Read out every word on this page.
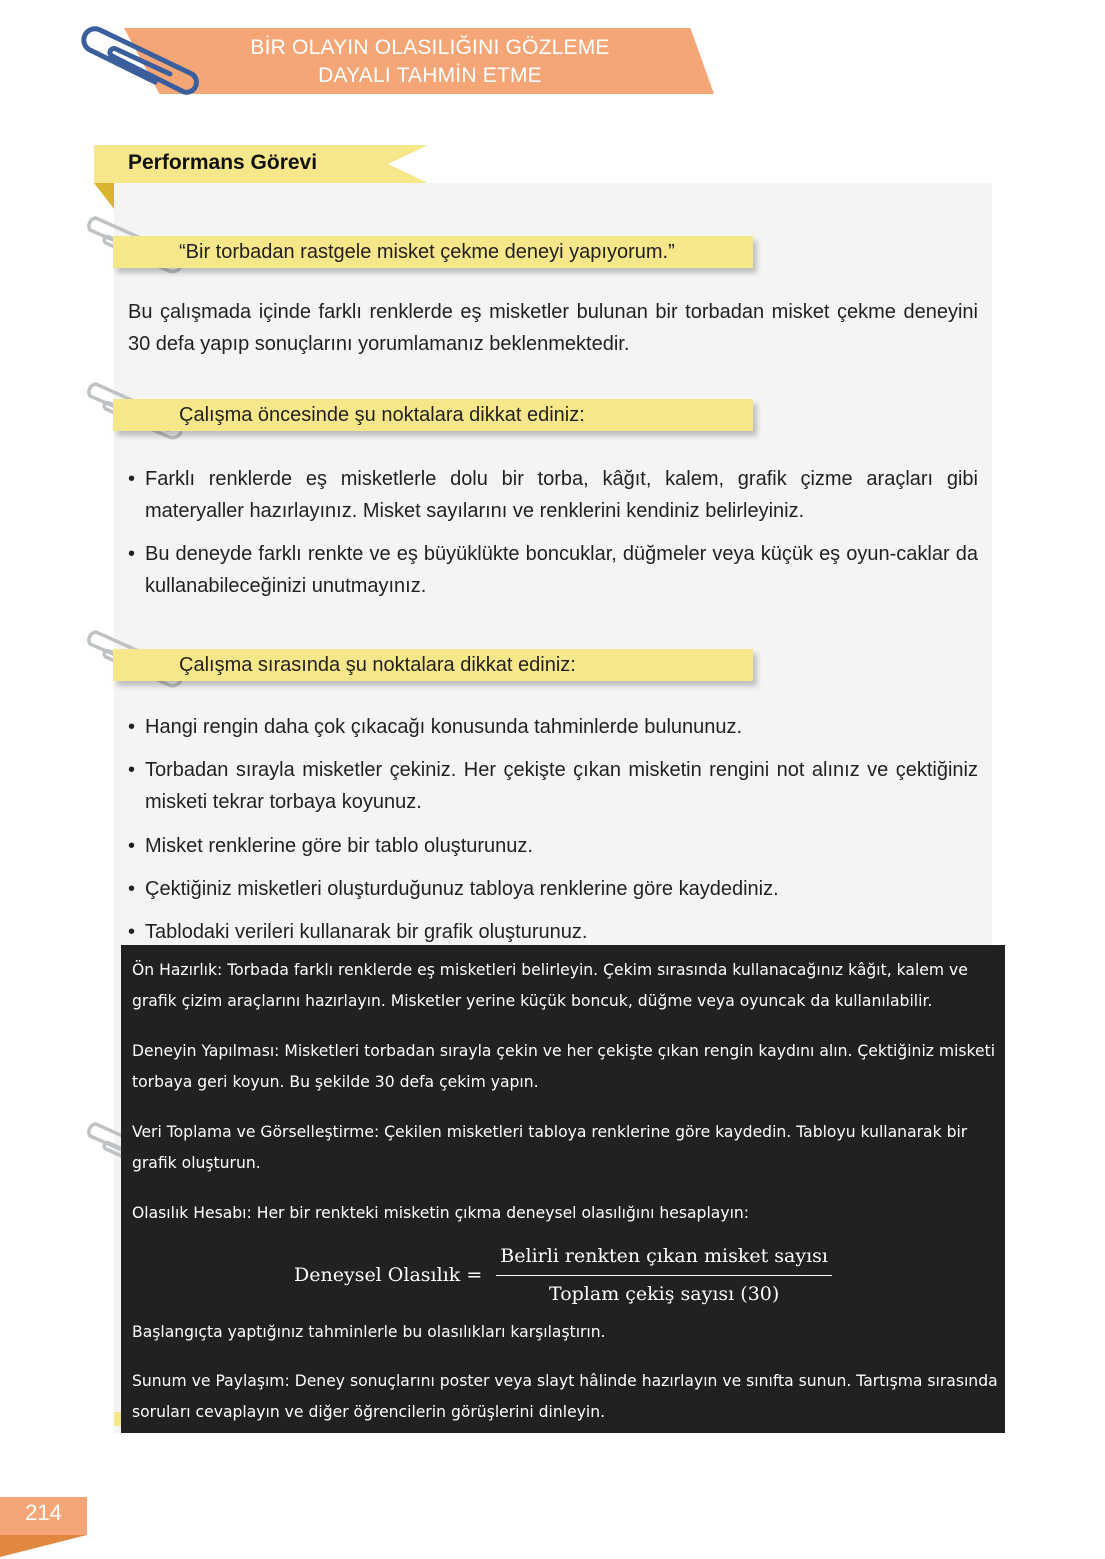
BİR OLAYIN OLASILIĞINI GÖZLEME
DAYALI TAHMİN ETME
Performans Görevi
“Bir torbadan rastgele misket çekme deneyi yapıyorum.”
Bu çalışmada içinde farklı renklerde eş misketler bulunan bir torbadan misket çekme deneyini 30 defa yapıp sonuçlarını yorumlamanız beklenmektedir.
Çalışma öncesinde şu noktalara dikkat ediniz:
• Farklı renklerde eş misketlerle dolu bir torba, kâğıt, kalem, grafik çizme araçları gibi materyaller hazırlayınız. Misket sayılarını ve renklerini kendiniz belirleyiniz.
• Bu deneyde farklı renkte ve eş büyüklükte boncuklar, düğmeler veya küçük eş oyun-caklar da kullanabileceğinizi unutmayınız.
Çalışma sırasında şu noktalara dikkat ediniz:
• Hangi rengin daha çok çıkacağı konusunda tahminlerde bulununuz.
• Torbadan sırayla misketler çekiniz. Her çekişte çıkan misketin rengini not alınız ve çektiğiniz misketi tekrar torbaya koyunuz.
• Misket renklerine göre bir tablo oluşturunuz.
• Çektiğiniz misketleri oluşturduğunuz tabloya renklerine göre kaydediniz.
• Tablodaki verileri kullanarak bir grafik oluşturunuz.
Ön Hazırlık: Torbada farklı renklerde eş misketleri belirleyin. Çekim sırasında kullanacağınız kâğıt, kalem ve grafik çizim araçlarını hazırlayın. Misketler yerine küçük boncuk, düğme veya oyuncak da kullanılabilir.
Deneyin Yapılması: Misketleri torbadan sırayla çekin ve her çekişte çıkan rengin kaydını alın. Çektiğiniz misketi torbaya geri koyun. Bu şekilde 30 defa çekim yapın.
Veri Toplama ve Görselleştirme: Çekilen misketleri tabloya renklerine göre kaydedin. Tabloyu kullanarak bir grafik oluşturun.
Olasılık Hesabı: Her bir renkteki misketin çıkma deneysel olasılığını hesaplayın:
Deneysel Olasılık = $\frac{\text{Belirli renkten çıkan misket sayısı}}{\text{Toplam çekiş sayısı (30)}}$
Başlangıçta yaptığınız tahminlerle bu olasılıkları karşılaştırın.
Sunum ve Paylaşım: Deney sonuçlarını poster veya slayt hâlinde hazırlayın ve sınıfta sunun. Tartışma sırasında soruları cevaplayın ve diğer öğrencilerin görüşlerini dinleyin.
214
